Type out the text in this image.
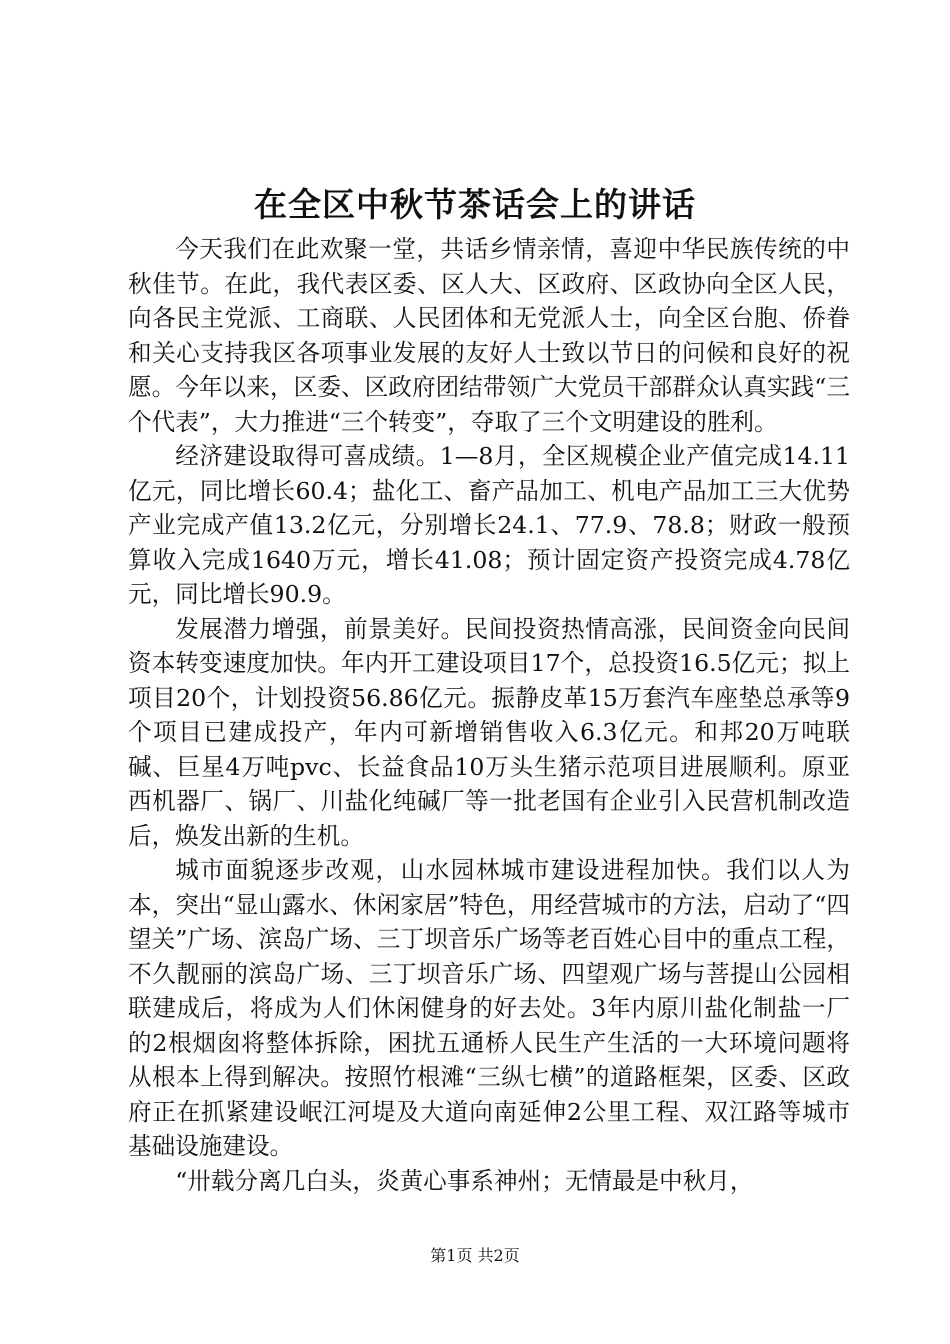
在全区中秋节茶话会上的讲话

今天我们在此欢聚一堂，共话乡情亲情，喜迎中华民族传统的中秋佳节。在此，我代表区委、区人大、区政府、区政协向全区人民，向各民主党派、工商联、人民团体和无党派人士，向全区台胞、侨眷和关心支持我区各项事业发展的友好人士致以节日的问候和良好的祝愿。今年以来，区委、区政府团结带领广大党员干部群众认真实践“三个代表”，大力推进“三个转变”，夺取了三个文明建设的胜利。

经济建设取得可喜成绩。1—8月，全区规模企业产值完成14.11亿元，同比增长60.4；盐化工、畜产品加工、机电产品加工三大优势产业完成产值13.2亿元，分别增长24.1、77.9、78.8；财政一般预算收入完成1640万元，增长41.08；预计固定资产投资完成4.78亿元，同比增长90.9。

发展潜力增强，前景美好。民间投资热情高涨，民间资金向民间资本转变速度加快。年内开工建设项目17个，总投资16.5亿元；拟上项目20个，计划投资56.86亿元。振静皮革15万套汽车座垫总承等9个项目已建成投产，年内可新增销售收入6.3亿元。和邦20万吨联碱、巨星4万吨pvc、长益食品10万头生猪示范项目进展顺利。原亚西机器厂、锅厂、川盐化纯碱厂等一批老国有企业引入民营机制改造后，焕发出新的生机。

城市面貌逐步改观，山水园林城市建设进程加快。我们以人为本，突出“显山露水、休闲家居”特色，用经营城市的方法，启动了“四望关”广场、滨岛广场、三丁坝音乐广场等老百姓心目中的重点工程，不久靓丽的滨岛广场、三丁坝音乐广场、四望观广场与菩提山公园相联建成后，将成为人们休闲健身的好去处。3年内原川盐化制盐一厂的2根烟囱将整体拆除，困扰五通桥人民生产生活的一大环境问题将从根本上得到解决。按照竹根滩“三纵七横”的道路框架，区委、区政府正在抓紧建设岷江河堤及大道向南延伸2公里工程、双江路等城市基础设施建设。

“卅载分离几白头，炎黄心事系神州；无情最是中秋月，

第1页 共2页
